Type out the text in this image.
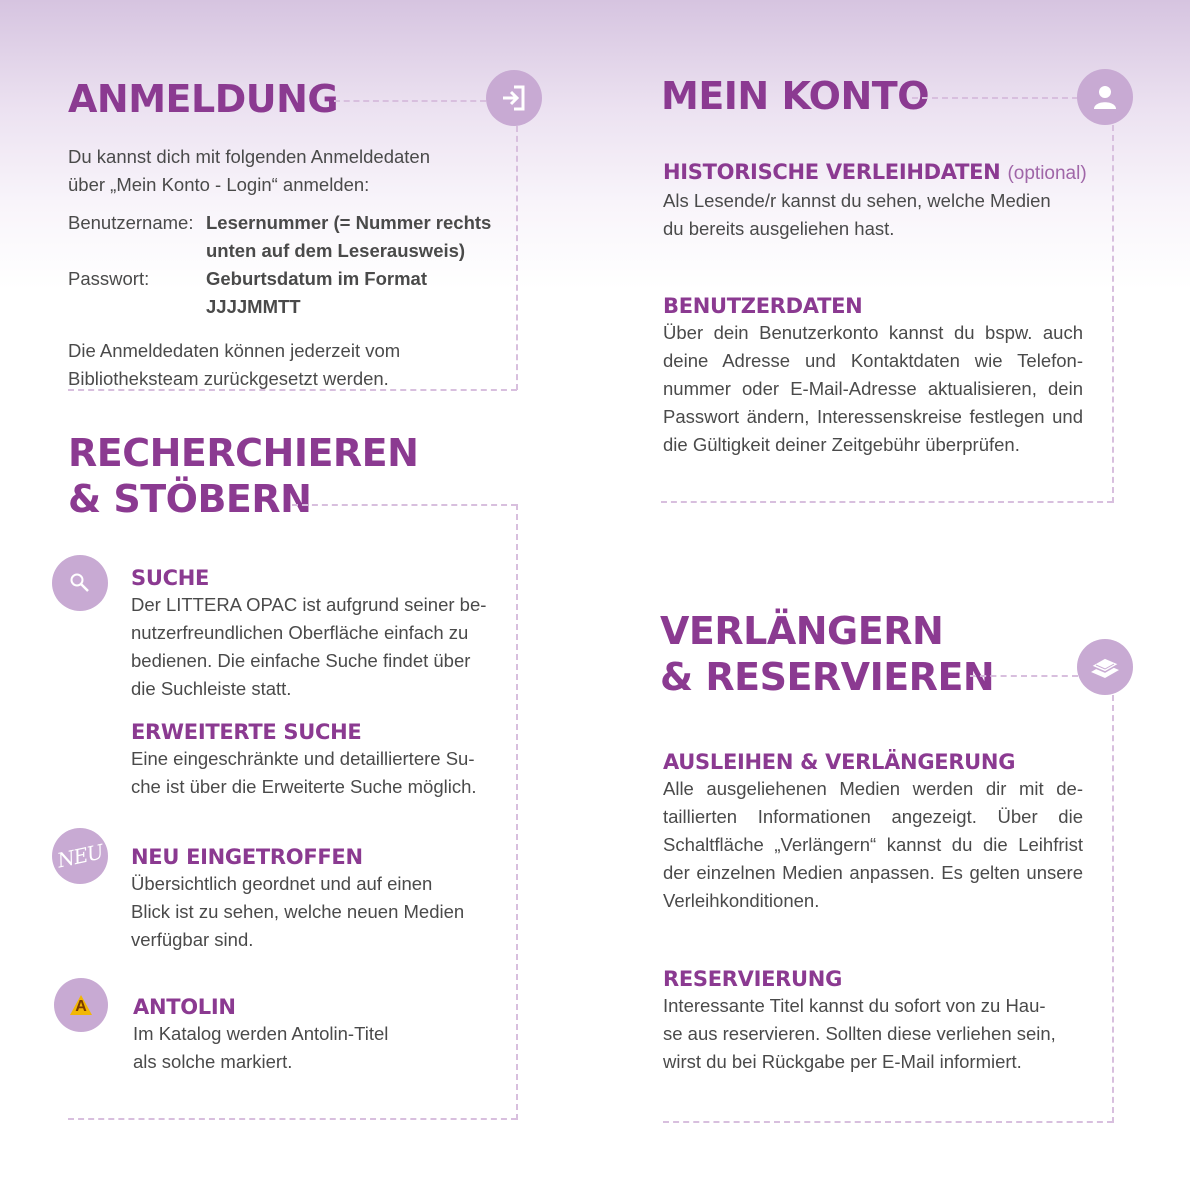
ANMELDUNG

Du kannst dich mit folgenden Anmeldedaten

über „Mein Konto - Login“ anmelden:

Benutzername: Lesernummer (= Nummer rechts
unten auf dem Leserausweis)
Passwort:	Geburtsdatum im Format JJJJMMTT

Die Anmeldedaten können jederzeit vom

Bibliotheksteam zurückgesetzt werden.

RECHERCHIEREN
& STÖBERN
SUCHE

Der LITTERA OPAC ist aufgrund seiner be-

nutzerfreundlichen Oberfläche einfach zu

bedienen. Die einfache Suche findet über

die Suchleiste statt.

ERWEITERTE SUCHE

Eine eingeschränkte und detailliertere Su-

che ist über die Erweiterte Suche möglich.

NEU NEU EINGETROFFEN

Übersichtlich geordnet und auf einen

Blick ist zu sehen, welche neuen Medien

verfügbar sind.

A	ANTOLIN

Im Katalog werden Antolin-Titel

als solche markiert.

MEIN KONTO
HISTORISCHE VERLEIHDATEN (optional)

Als Lesende/r kannst du sehen, welche Medien

du bereits ausgeliehen hast.

BENUTZERDATEN

Über dein Benutzerkonto kannst du bspw. auch

deine Adresse und Kontaktdaten wie Telefon-

nummer oder E-Mail-Adresse aktualisieren, dein

Passwort ändern, Interessenskreise festlegen und

die Gültigkeit deiner Zeitgebühr überprüfen.

VERLÄNGERN
& RESERVIEREN
AUSLEIHEN & VERLÄNGERUNG

Alle ausgeliehenen Medien werden dir mit de-

taillierten Informationen angezeigt. Über die

Schaltfläche „Verlängern“ kannst du die Leihfrist

der einzelnen Medien anpassen. Es gelten unsere

Verleihkonditionen.

RESERVIERUNG

Interessante Titel kannst du sofort von zu Hau-

se aus reservieren. Sollten diese verliehen sein,

wirst du bei Rückgabe per E-Mail informiert.
